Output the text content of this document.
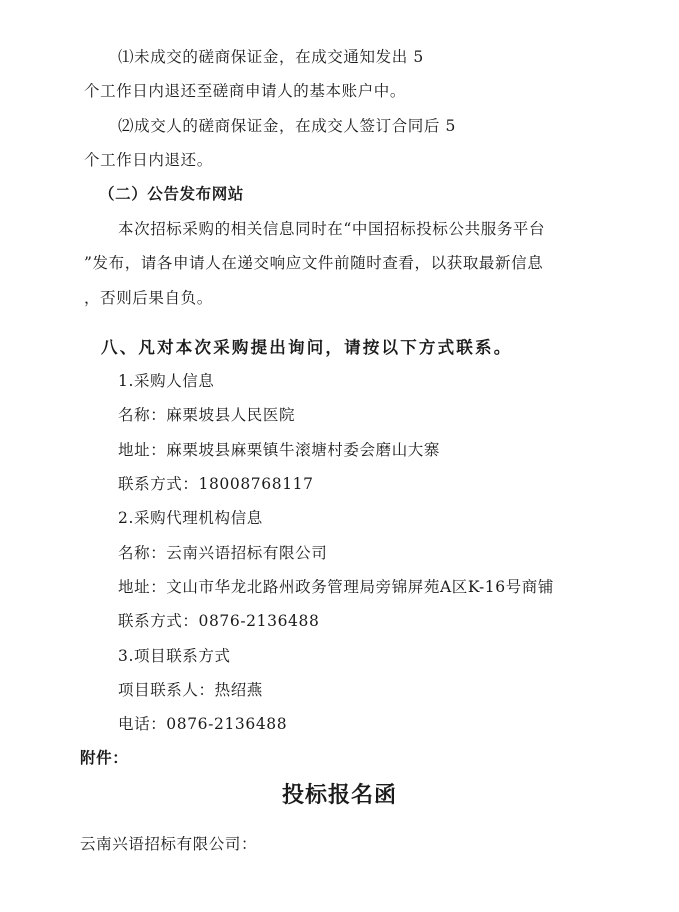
⑴未成交的磋商保证金，在成交通知发出 5
个工作日内退还至磋商申请人的基本账户中。
⑵成交人的磋商保证金，在成交人签订合同后 5
个工作日内退还。
（二）公告发布网站
本次招标采购的相关信息同时在“中国招标投标公共服务平台
”发布，请各申请人在递交响应文件前随时查看，以获取最新信息
，否则后果自负。
八、凡对本次采购提出询问，请按以下方式联系。
1.采购人信息
名称：麻栗坡县人民医院
地址：麻栗坡县麻栗镇牛滚塘村委会磨山大寨
联系方式：18008768117
2.采购代理机构信息
名称：云南兴语招标有限公司
地址：文山市华龙北路州政务管理局旁锦屏苑A区K-16号商铺
联系方式：0876-2136488
3.项目联系方式
项目联系人：热绍燕
电话：0876-2136488
附件：
投标报名函
云南兴语招标有限公司：
